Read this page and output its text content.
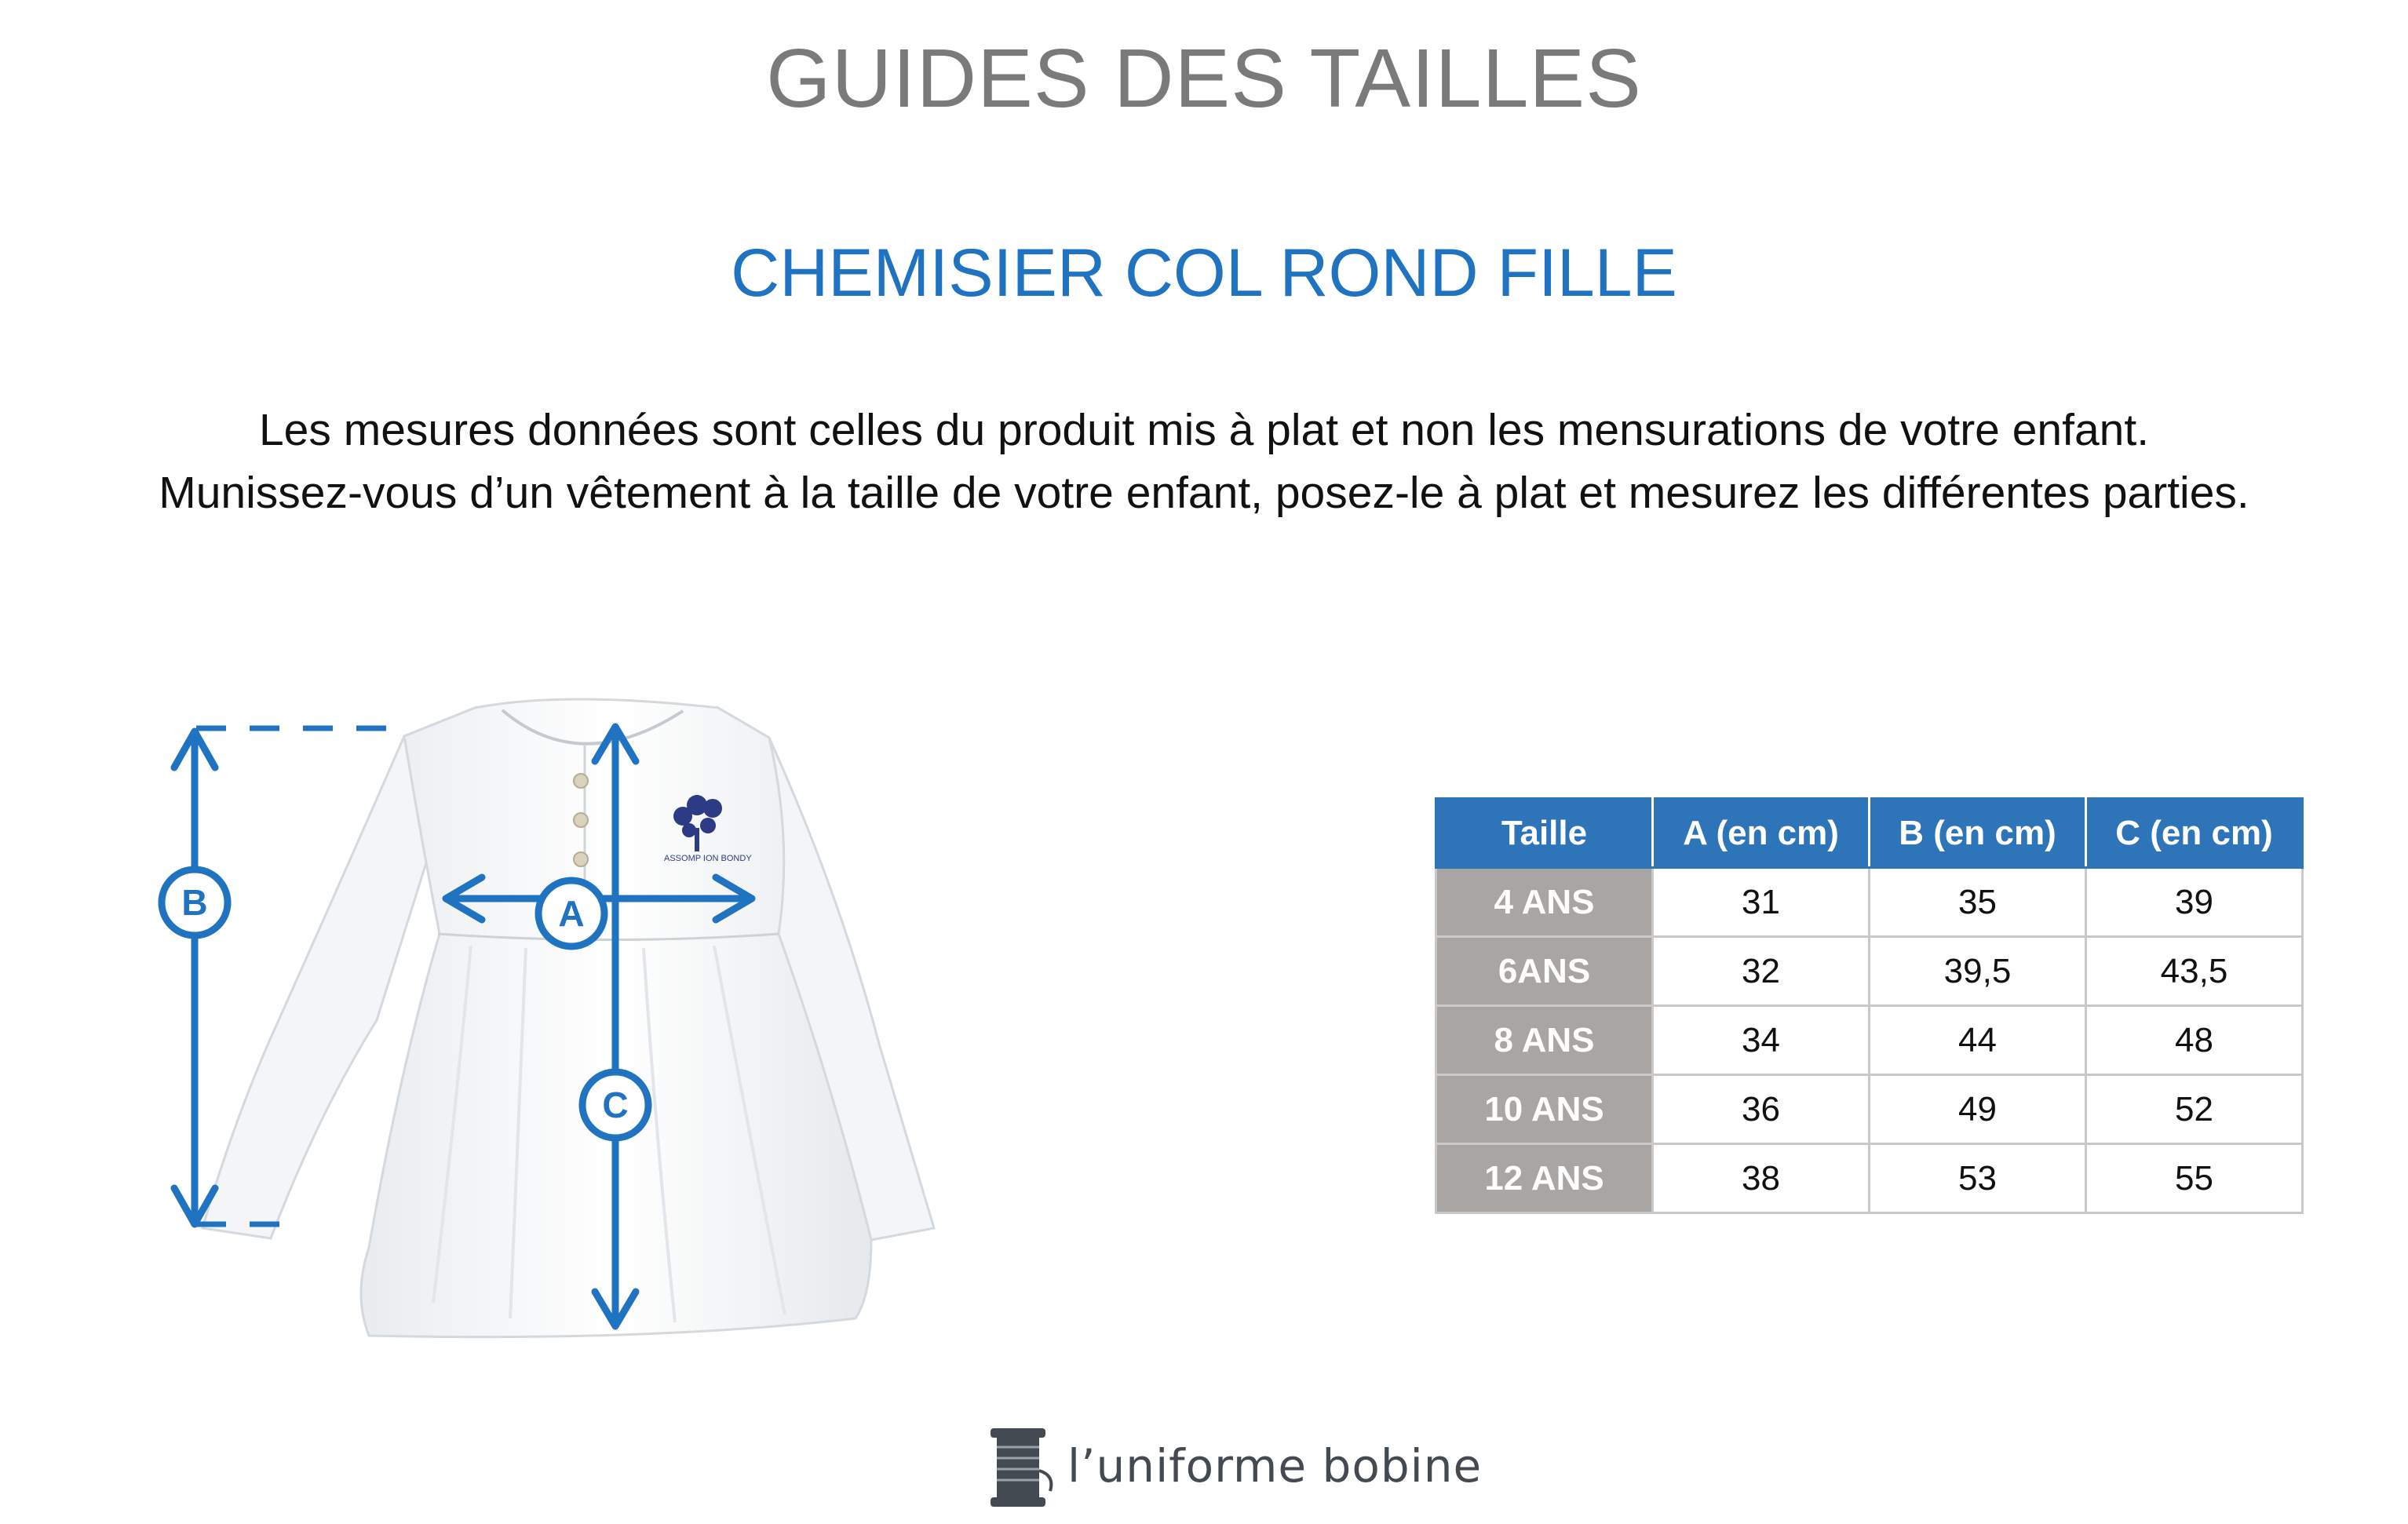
GUIDES DES TAILLES
CHEMISIER COL ROND FILLE
Les mesures données sont celles du produit mis à plat et non les mensurations de votre enfant.
Munissez-vous d’un vêtement à la taille de votre enfant, posez-le à plat et mesurez les différentes parties.
ASSOMP ION BONDY
B	A
C
Taille	A (en cm)	B (en cm)	C (en cm)
4 ANS	31	35	39
6ANS	32	39,5	43,5
8 ANS	34	44	48
10 ANS	36	49	52
12 ANS	38	53	55
l’uniforme bobine
